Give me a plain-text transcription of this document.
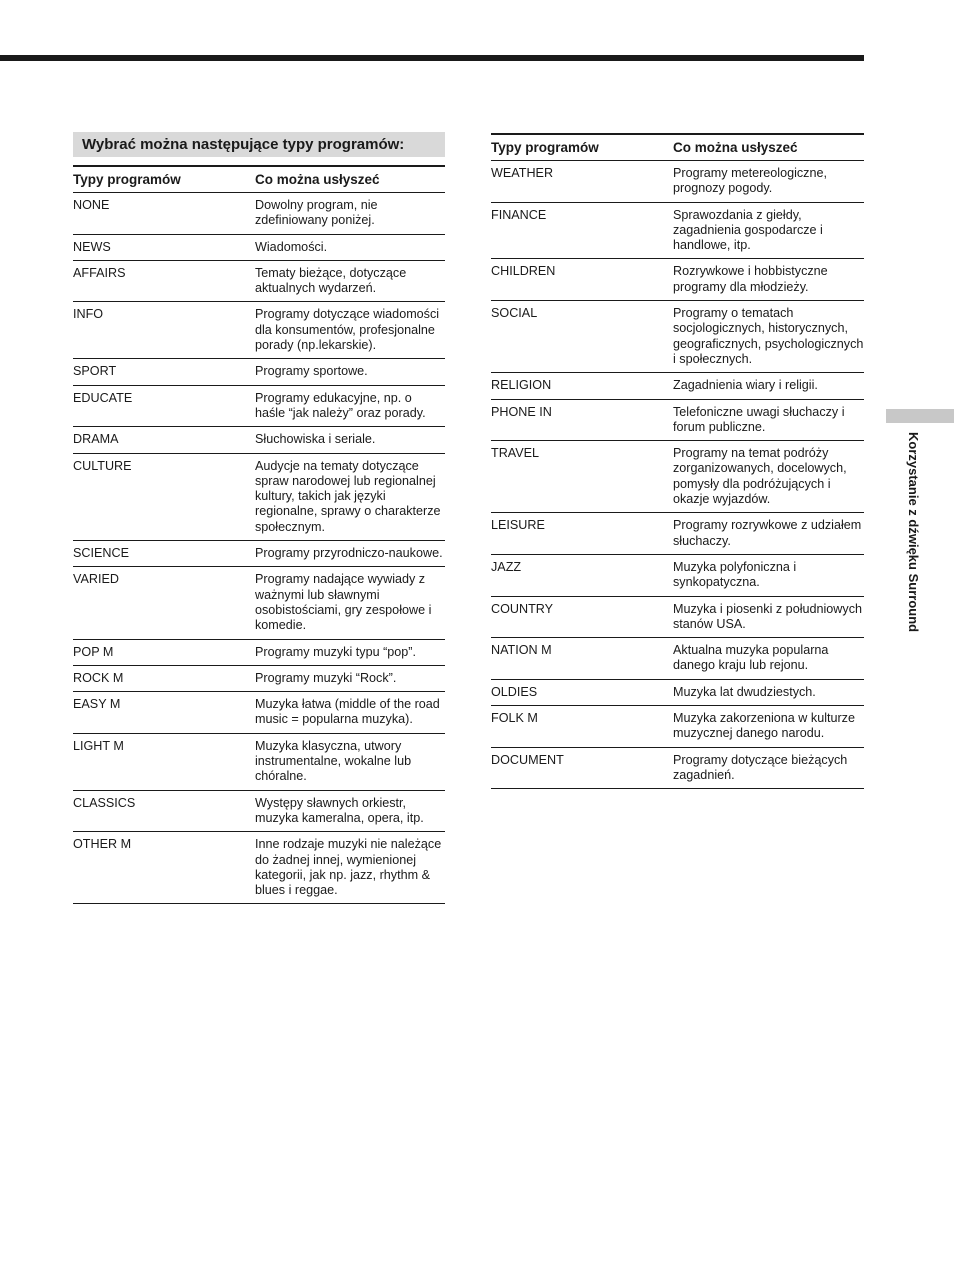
Wybrać można następujące typy programów:
Typy programów	Co można usłyszeć
NONE	Dowolny program, nie zdefiniowany poniżej.
NEWS	Wiadomości.
AFFAIRS	Tematy bieżące, dotyczące aktualnych wydarzeń.
INFO	Programy dotyczące wiadomości dla konsumentów, profesjonalne porady (np.lekarskie).
SPORT	Programy sportowe.
EDUCATE	Programy edukacyjne, np. o haśle “jak należy” oraz porady.
DRAMA	Słuchowiska i seriale.
CULTURE	Audycje na tematy dotyczące spraw narodowej lub regionalnej kultury, takich jak języki regionalne, sprawy o charakterze społecznym.
SCIENCE	Programy przyrodniczo-naukowe.
VARIED	Programy nadające wywiady z ważnymi lub sławnymi osobistościami, gry zespołowe i komedie.
POP M	Programy muzyki typu “pop”.
ROCK M	Programy muzyki “Rock”.
EASY M	Muzyka łatwa (middle of the road music = popularna muzyka).
LIGHT M	Muzyka klasyczna, utwory instrumentalne, wokalne lub chóralne.
CLASSICS	Występy sławnych orkiestr, muzyka kameralna, opera, itp.
OTHER M	Inne rodzaje muzyki nie należące do żadnej innej, wymienionej kategorii, jak np. jazz, rhythm & blues i reggae.
Typy programów	Co można usłyszeć
WEATHER	Programy metereologiczne, prognozy pogody.
FINANCE	Sprawozdania z giełdy, zagadnienia gospodarcze i handlowe, itp.
CHILDREN	Rozrywkowe i hobbistyczne programy dla młodzieży.
SOCIAL	Programy o tematach socjologicznych, historycznych, geograficznych, psychologicznych i społecznych.
RELIGION	Zagadnienia wiary i religii.
PHONE IN	Telefoniczne uwagi słuchaczy i forum publiczne.
TRAVEL	Programy na temat podróży zorganizowanych, docelowych, pomysły dla podróżujących i okazje wyjazdów.
LEISURE	Programy rozrywkowe z udziałem słuchaczy.
JAZZ	Muzyka polyfoniczna i synkopatyczna.
COUNTRY	Muzyka i piosenki z południowych stanów USA.
NATION M	Aktualna muzyka popularna danego kraju lub rejonu.
OLDIES	Muzyka lat dwudziestych.
FOLK M	Muzyka zakorzeniona w kulturze muzycznej danego narodu.
DOCUMENT	Programy dotyczące bieżących zagadnień.
Korzystanie z dźwięku Surround
